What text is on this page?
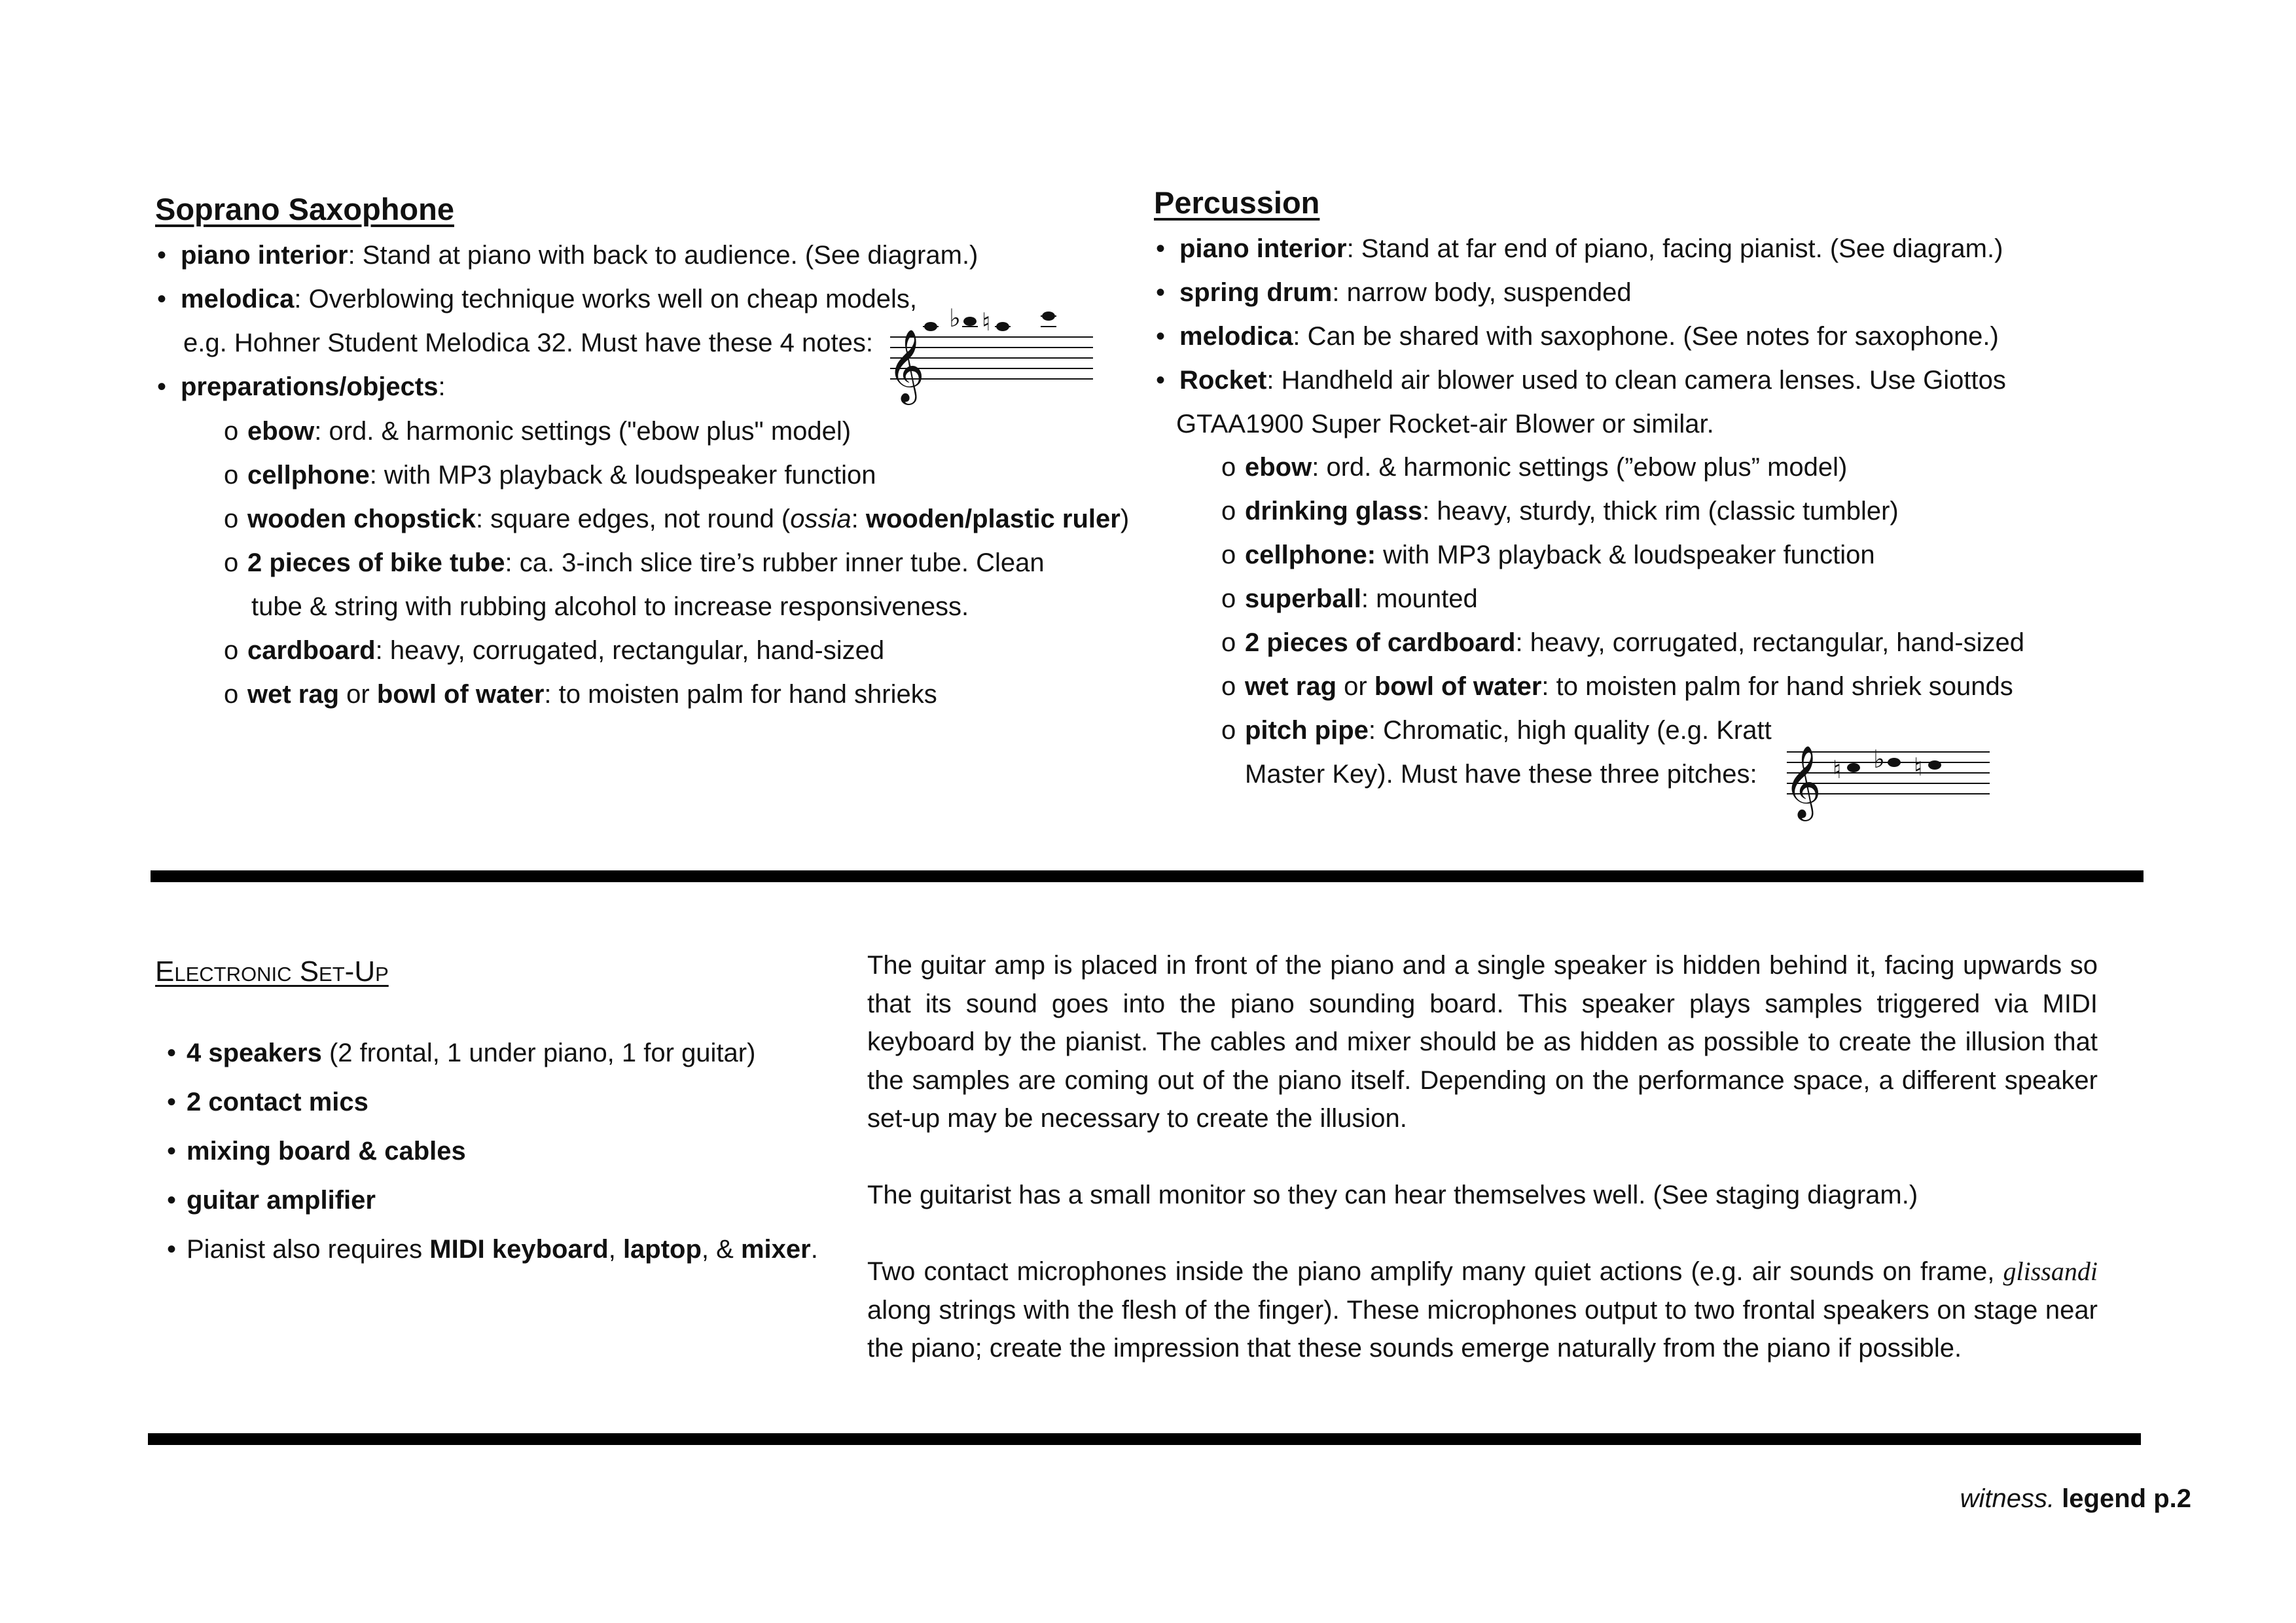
Soprano Saxophone
• piano interior: Stand at piano with back to audience. (See diagram.)
• melodica: Overblowing technique works well on cheap models,
e.g. Hohner Student Melodica 32. Must have these 4 notes: 𝄞
♭ ♮
• preparations/objects:
o ebow: ord. & harmonic settings ("ebow plus" model)
o cellphone: with MP3 playback & loudspeaker function
o wooden chopstick: square edges, not round (ossia: wooden/plastic ruler)
o 2 pieces of bike tube: ca. 3-inch slice tire’s rubber inner tube. Clean
tube & string with rubbing alcohol to increase responsiveness.
o cardboard: heavy, corrugated, rectangular, hand-sized
o wet rag or bowl of water: to moisten palm for hand shrieks
Percussion
• piano interior: Stand at far end of piano, facing pianist. (See diagram.)
• spring drum: narrow body, suspended
• melodica: Can be shared with saxophone. (See notes for saxophone.)
• Rocket: Handheld air blower used to clean camera lenses. Use Giottos
GTAA1900 Super Rocket-air Blower or similar.
o ebow: ord. & harmonic settings (”ebow plus” model)
o drinking glass: heavy, sturdy, thick rim (classic tumbler)
o cellphone: with MP3 playback & loudspeaker function
o superball: mounted
o 2 pieces of cardboard: heavy, corrugated, rectangular, hand-sized
o wet rag or bowl of water: to moisten palm for hand shriek sounds
o pitch pipe: Chromatic, high quality (e.g. Kratt
Master Key). Must have these three pitches: 𝄞 ♮ ♭ ♮
Electronic Set-Up
• 4 speakers (2 frontal, 1 under piano, 1 for guitar)
• 2 contact mics
• mixing board & cables
• guitar amplifier
• Pianist also requires MIDI keyboard, laptop, & mixer.

The guitar amp is placed in front of the piano and a single speaker is hidden behind it, facing upwards so that its sound goes into the piano sounding board. This speaker plays samples triggered via MIDI keyboard by the pianist. The cables and mixer should be as hidden as possible to create the illusion that the samples are coming out of the piano itself. Depending on the performance space, a different speaker set-up may be necessary to create the illusion.

The guitarist has a small monitor so they can hear themselves well. (See staging diagram.)

Two contact microphones inside the piano amplify many quiet actions (e.g. air sounds on frame, glissandi along strings with the flesh of the finger). These microphones output to two frontal speakers on stage near the piano; create the impression that these sounds emerge naturally from the piano if possible.

witness. legend p.2
